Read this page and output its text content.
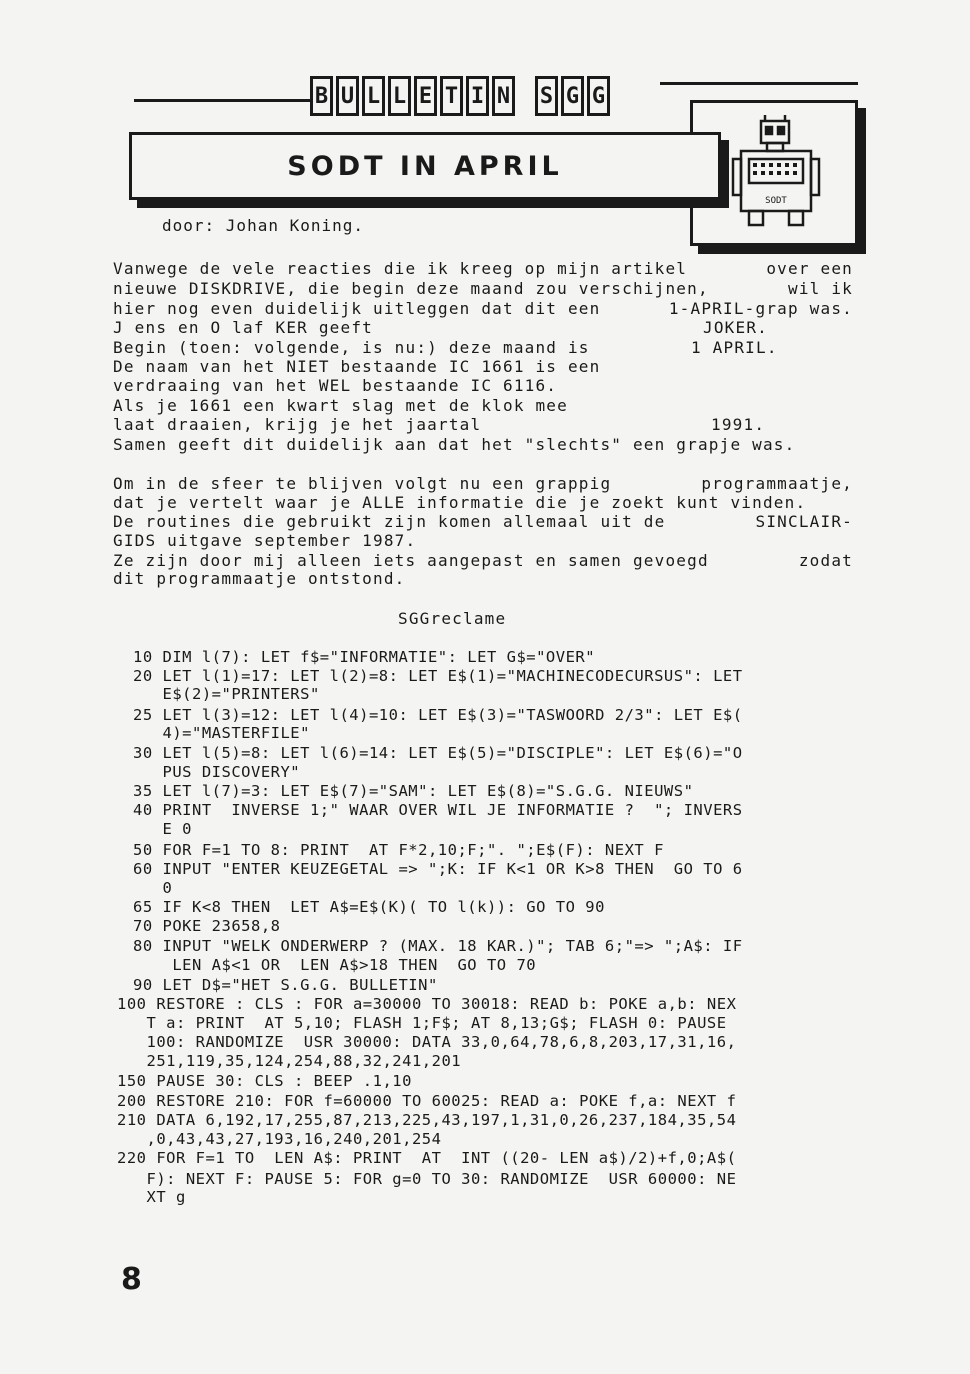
B U L L E T I N S G G
SODT
SODT IN APRIL
door: Johan Koning.
Vanwege de vele reacties die ik kreeg op mijn artikel	over een
nieuwe DISKDRIVE, die begin deze maand zou verschijnen,	wil ik
hier nog even duidelijk uitleggen dat dit een	1-APRIL-grap was.
J ens en O laf KER geeft	JOKER.
Begin (toen: volgende, is nu:) deze maand is	1 APRIL.
De naam van het NIET bestaande IC 1661 is een
verdraaing van het WEL bestaande IC 6116.
Als je 1661 een kwart slag met de klok mee
laat draaien, krijg je het jaartal	1991.
Samen geeft dit duidelijk aan dat het "slechts" een grapje was.
Om in de sfeer te blijven volgt nu een grappig	programmaatje,
dat je vertelt waar je ALLE informatie die je zoekt kunt vinden.
De routines die gebruikt zijn komen allemaal uit de	SINCLAIR-
GIDS uitgave september 1987.
Ze zijn door mij alleen iets aangepast en samen gevoegd	zodat
dit programmaatje ontstond.
SGGreclame
10 DIM l(7): LET f$="INFORMATIE": LET G$="OVER"
20 LET l(1)=17: LET l(2)=8: LET E$(1)="MACHINECODECURSUS": LET
E$(2)="PRINTERS"
25 LET l(3)=12: LET l(4)=10: LET E$(3)="TASWOORD 2/3": LET E$(
4)="MASTERFILE"
30 LET l(5)=8: LET l(6)=14: LET E$(5)="DISCIPLE": LET E$(6)="O
PUS DISCOVERY"
35 LET l(7)=3: LET E$(7)="SAM": LET E$(8)="S.G.G. NIEUWS"
40 PRINT  INVERSE 1;" WAAR OVER WIL JE INFORMATIE ?  "; INVERS
E 0
50 FOR F=1 TO 8: PRINT  AT F*2,10;F;". ";E$(F): NEXT F
60 INPUT "ENTER KEUZEGETAL => ";K: IF K<1 OR K>8 THEN  GO TO 6
0
65 IF K<8 THEN  LET A$=E$(K)( TO l(k)): GO TO 90
70 POKE 23658,8
80 INPUT "WELK ONDERWERP ? (MAX. 18 KAR.)"; TAB 6;"=> ";A$: IF
LEN A$<1 OR  LEN A$>18 THEN  GO TO 70
90 LET D$="HET S.G.G. BULLETIN"
100 RESTORE : CLS : FOR a=30000 TO 30018: READ b: POKE a,b: NEX
T a: PRINT  AT 5,10; FLASH 1;F$; AT 8,13;G$; FLASH 0: PAUSE
100: RANDOMIZE  USR 30000: DATA 33,0,64,78,6,8,203,17,31,16,
251,119,35,124,254,88,32,241,201
150 PAUSE 30: CLS : BEEP .1,10
200 RESTORE 210: FOR f=60000 TO 60025: READ a: POKE f,a: NEXT f
210 DATA 6,192,17,255,87,213,225,43,197,1,31,0,26,237,184,35,54
,0,43,43,27,193,16,240,201,254
220 FOR F=1 TO  LEN A$: PRINT  AT  INT ((20- LEN a$)/2)+f,0;A$(
F): NEXT F: PAUSE 5: FOR g=0 TO 30: RANDOMIZE  USR 60000: NE
XT g
8
